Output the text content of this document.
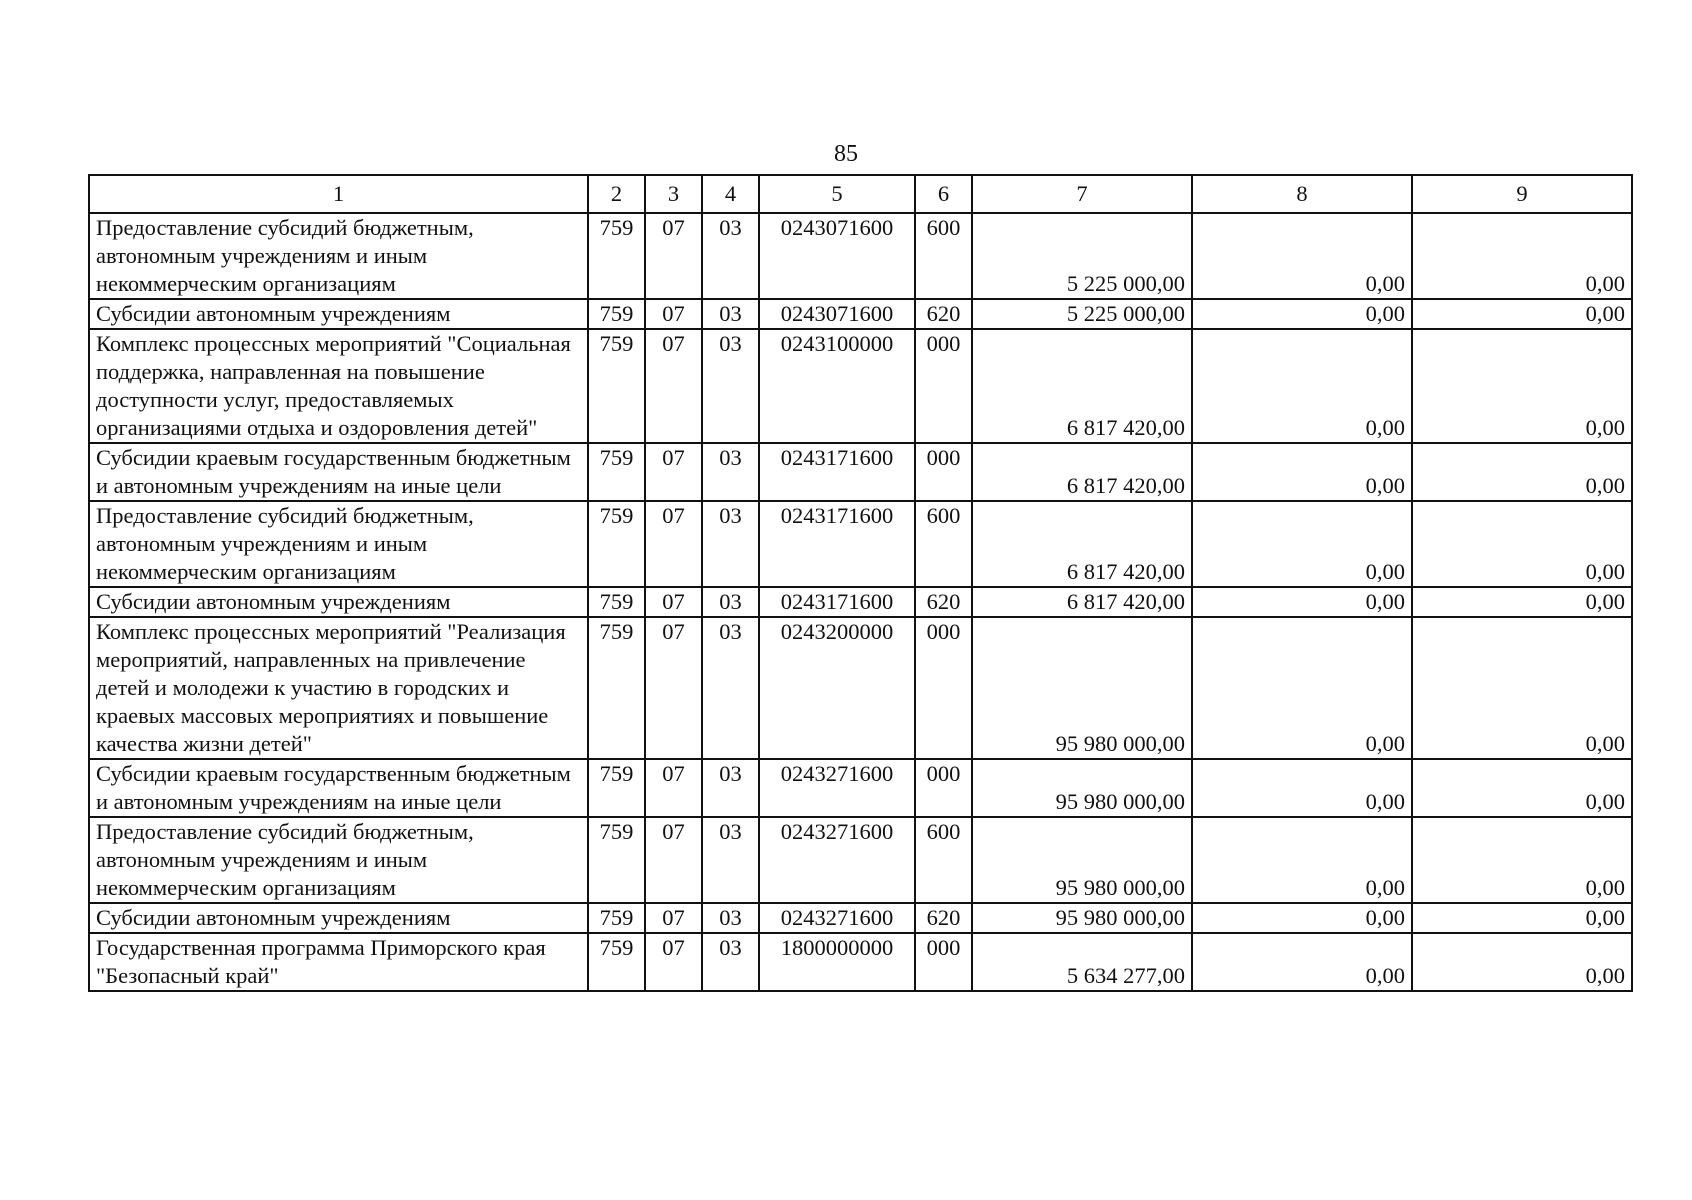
85
1	2	3	4	5	6	7	8	9
Предоставление субсидий бюджетным, автономным учреждениям и иным некоммерческим организациям	759	07	03	0243071600	600	5 225 000,00	0,00	0,00
Субсидии автономным учреждениям	759	07	03	0243071600	620	5 225 000,00	0,00	0,00
Комплекс процессных мероприятий "Социальная поддержка, направленная на повышение доступности услуг, предоставляемых организациями отдыха и оздоровления детей"	759	07	03	0243100000	000	6 817 420,00	0,00	0,00
Субсидии краевым государственным бюджетным и автономным учреждениям на иные цели	759	07	03	0243171600	000	6 817 420,00	0,00	0,00
Предоставление субсидий бюджетным, автономным учреждениям и иным некоммерческим организациям	759	07	03	0243171600	600	6 817 420,00	0,00	0,00
Субсидии автономным учреждениям	759	07	03	0243171600	620	6 817 420,00	0,00	0,00
Комплекс процессных мероприятий "Реализация мероприятий, направленных на привлечение детей и молодежи к участию в городских и краевых массовых мероприятиях и повышение качества жизни детей"	759	07	03	0243200000	000	95 980 000,00	0,00	0,00
Субсидии краевым государственным бюджетным и автономным учреждениям на иные цели	759	07	03	0243271600	000	95 980 000,00	0,00	0,00
Предоставление субсидий бюджетным, автономным учреждениям и иным некоммерческим организациям	759	07	03	0243271600	600	95 980 000,00	0,00	0,00
Субсидии автономным учреждениям	759	07	03	0243271600	620	95 980 000,00	0,00	0,00
Государственная программа Приморского края "Безопасный край"	759	07	03	1800000000	000	5 634 277,00	0,00	0,00
